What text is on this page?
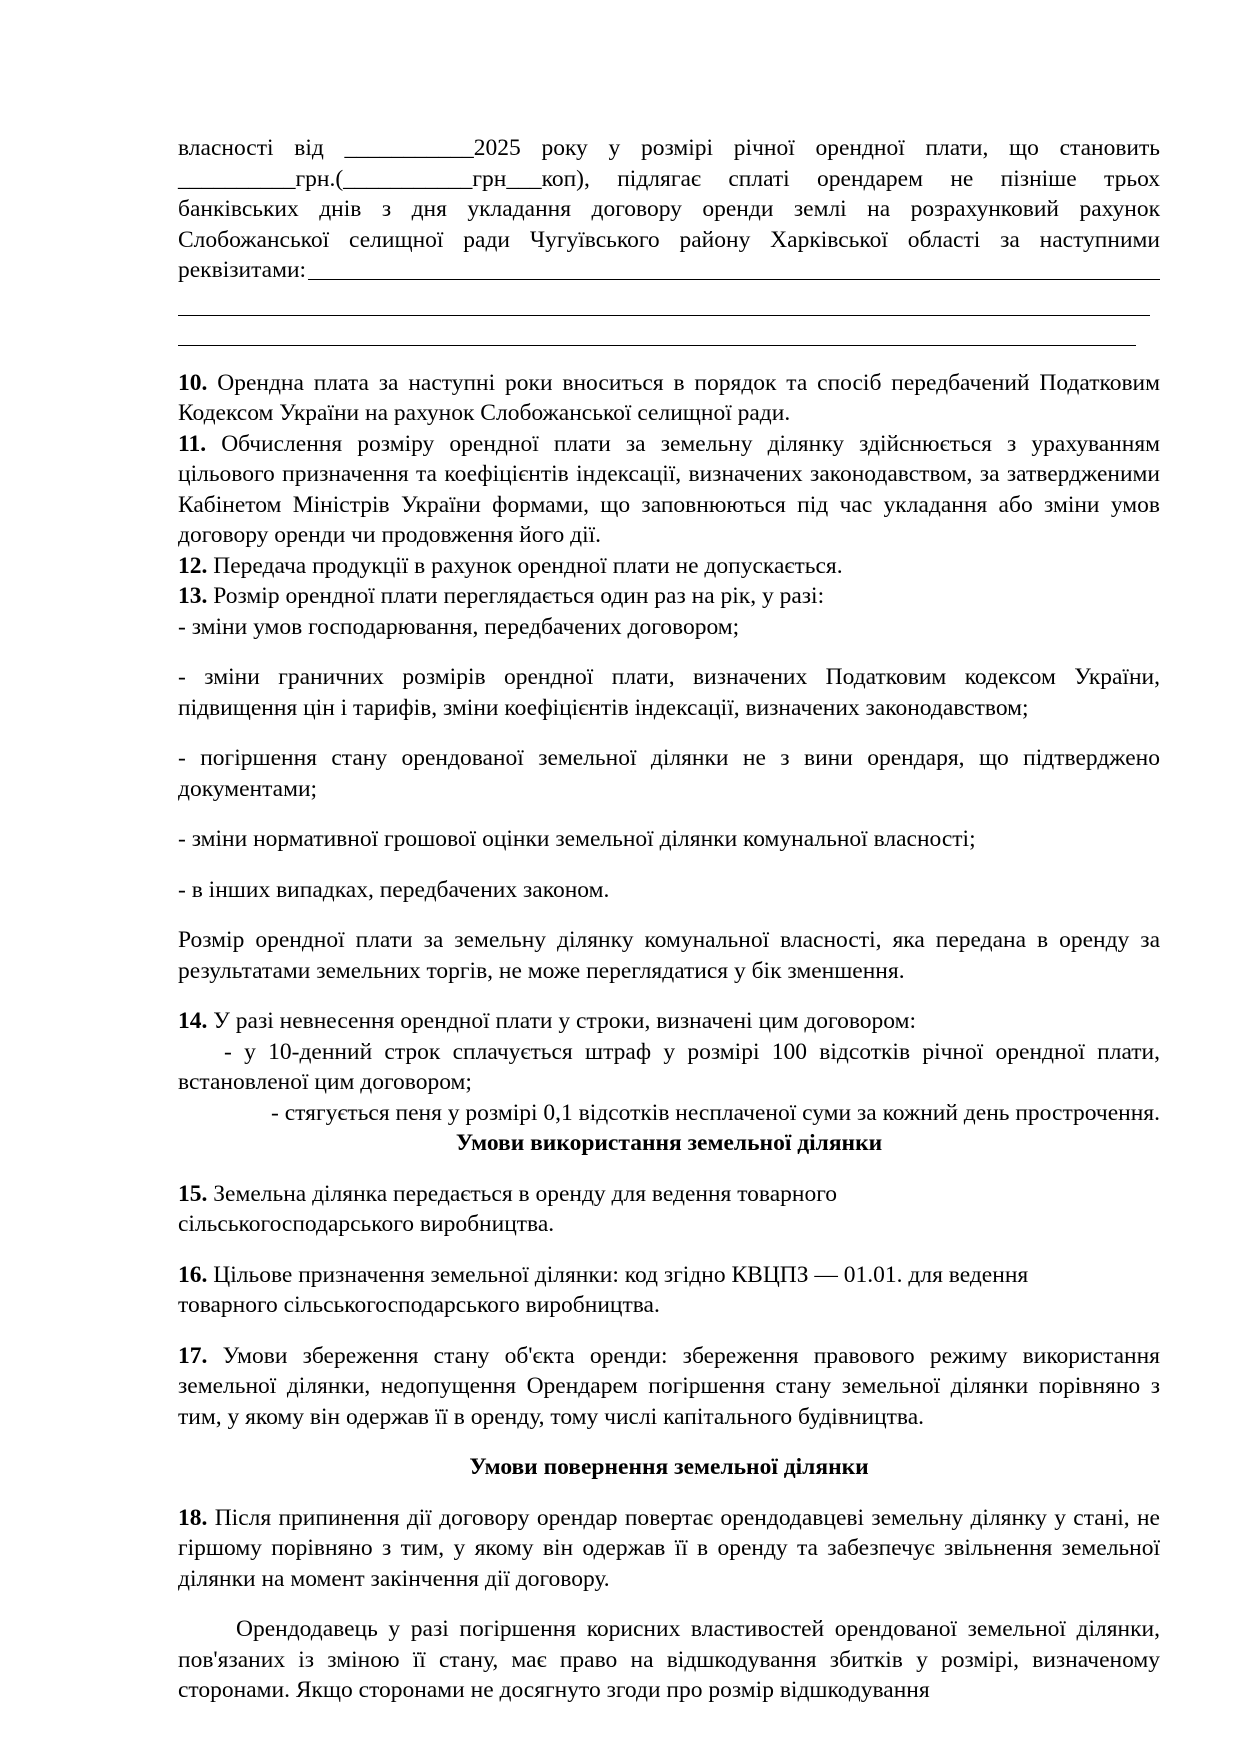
власності від ___________2025 року у розмірі річної орендної плати, що становить

__________грн.(___________грн___коп), підлягає сплаті орендарем не пізніше трьох

банківських днів з дня укладання договору оренди землі на розрахунковий рахунок

Слобожанської селищної ради Чугуївського району Харківської області за наступними

реквізитами:

10. Орендна плата за наступні роки вноситься в порядок та спосіб передбачений Податковим Кодексом України на рахунок Слобожанської селищної ради.

11. Обчислення розміру орендної плати за земельну ділянку здійснюється з урахуванням цільового призначення та коефіцієнтів індексації, визначених законодавством, за затвердженими Кабінетом Міністрів України формами, що заповнюються під час укладання або зміни умов договору оренди чи продовження його дії.

12. Передача продукції в рахунок орендної плати не допускається.

13. Розмір орендної плати переглядається один раз на рік, у разі:

- зміни умов господарювання, передбачених договором;

- зміни граничних розмірів орендної плати, визначених Податковим кодексом України, підвищення цін і тарифів, зміни коефіцієнтів індексації, визначених законодавством;

- погіршення стану орендованої земельної ділянки не з вини орендаря, що підтверджено документами;

- зміни нормативної грошової оцінки земельної ділянки комунальної власності;

- в інших випадках, передбачених законом.

Розмір орендної плати за земельну ділянку комунальної власності, яка передана в оренду за результатами земельних торгів, не може переглядатися у бік зменшення.

14. У разі невнесення орендної плати у строки, визначені цим договором:

- у 10-денний строк сплачується штраф у розмірі 100 відсотків річної орендної плати, встановленої цим договором;

- стягується пеня у розмірі 0,1 відсотків несплаченої суми за кожний день прострочення.

Умови використання земельної ділянки

15. Земельна ділянка передається в оренду для ведення товарного
сільськогосподарського виробництва.

16. Цільове призначення земельної ділянки: код згідно КВЦПЗ — 01.01. для ведення
товарного сільськогосподарського виробництва.

17. Умови збереження стану об'єкта оренди: збереження правового режиму використання земельної ділянки, недопущення Орендарем погіршення стану земельної ділянки порівняно з тим, у якому він одержав її в оренду, тому числі капітального будівництва.

Умови повернення земельної ділянки

18. Після припинення дії договору орендар повертає орендодавцеві земельну ділянку у стані, не гіршому порівняно з тим, у якому він одержав її в оренду та забезпечує звільнення земельної ділянки на момент закінчення дії договору.

Орендодавець у разі погіршення корисних властивостей орендованої земельної ділянки, пов'язаних із зміною її стану, має право на відшкодування збитків у розмірі, визначеному сторонами. Якщо сторонами не досягнуто згоди про розмір відшкодування
